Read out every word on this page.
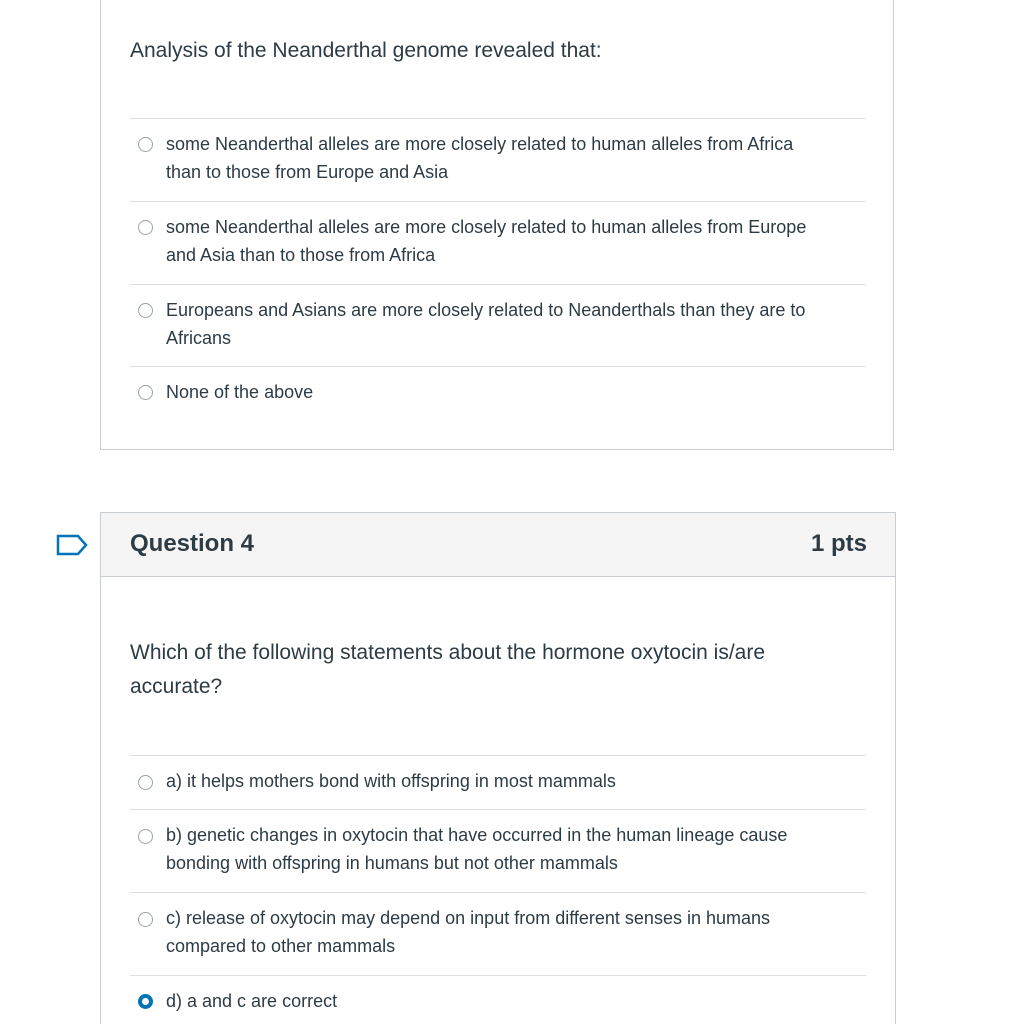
Analysis of the Neanderthal genome revealed that:
some Neanderthal alleles are more closely related to human alleles from Africa
than to those from Europe and Asia
some Neanderthal alleles are more closely related to human alleles from Europe
and Asia than to those from Africa
Europeans and Asians are more closely related to Neanderthals than they are to
Africans
None of the above
Question 4	1 pts
Which of the following statements about the hormone oxytocin is/are
accurate?
a) it helps mothers bond with offspring in most mammals
b) genetic changes in oxytocin that have occurred in the human lineage cause
bonding with offspring in humans but not other mammals
c) release of oxytocin may depend on input from different senses in humans
compared to other mammals
d) a and c are correct
